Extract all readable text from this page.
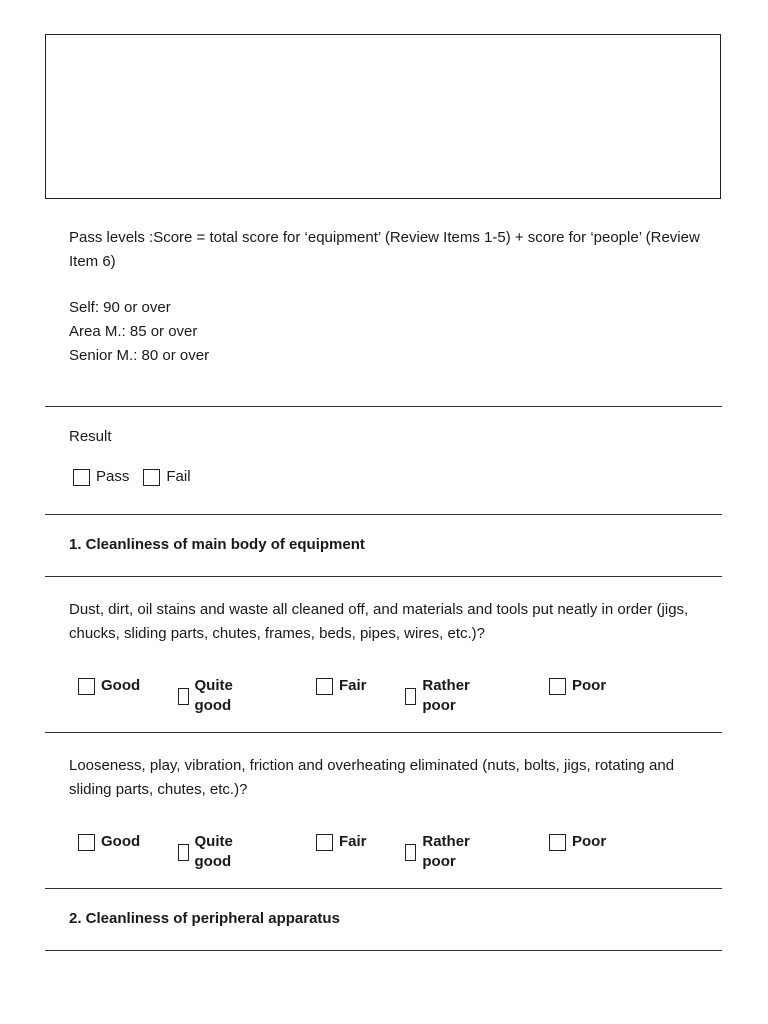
Pass levels :Score = total score for ‘equipment’ (Review Items 1-5) + score for ‘people’ (Review Item 6)
Self: 90 or over
Area M.: 85 or over
Senior M.: 80 or over
Result
Pass Fail
1. Cleanliness of main body of equipment
Dust, dirt, oil stains and waste all cleaned off, and materials and tools put neatly in order (jigs, chucks, sliding parts, chutes, frames, beds, pipes, wires, etc.)?
Good	Quite good
Fair	Rather poor
Poor
Looseness, play, vibration, friction and overheating eliminated (nuts, bolts, jigs, rotating and sliding parts, chutes, etc.)?
Good	Quite good
Fair	Rather poor
Poor
2. Cleanliness of peripheral apparatus
